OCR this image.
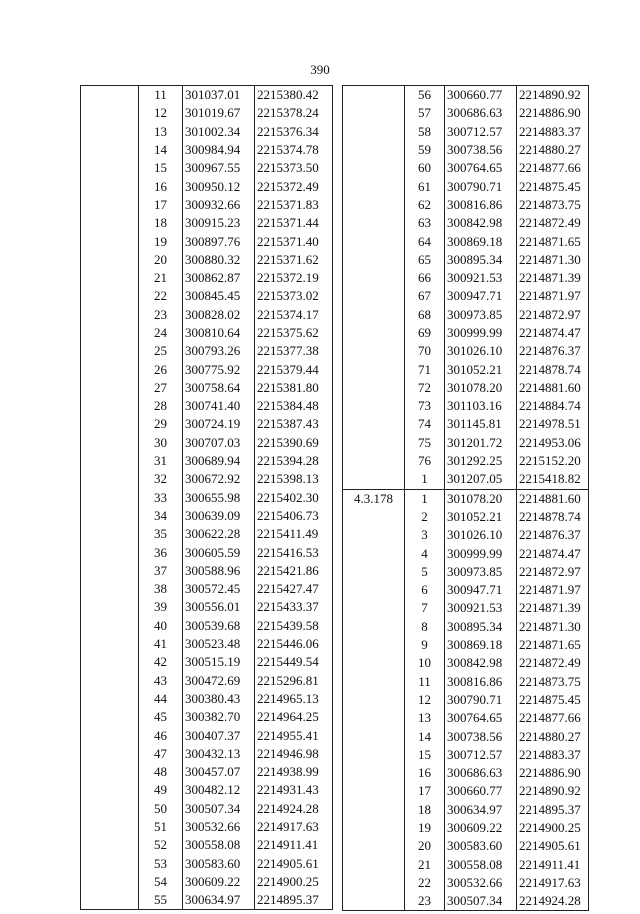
390
	11	301037.01	2215380.42
	12	301019.67	2215378.24
	13	301002.34	2215376.34
	14	300984.94	2215374.78
	15	300967.55	2215373.50
	16	300950.12	2215372.49
	17	300932.66	2215371.83
	18	300915.23	2215371.44
	19	300897.76	2215371.40
	20	300880.32	2215371.62
	21	300862.87	2215372.19
	22	300845.45	2215373.02
	23	300828.02	2215374.17
	24	300810.64	2215375.62
	25	300793.26	2215377.38
	26	300775.92	2215379.44
	27	300758.64	2215381.80
	28	300741.40	2215384.48
	29	300724.19	2215387.43
	30	300707.03	2215390.69
	31	300689.94	2215394.28
	32	300672.92	2215398.13
	33	300655.98	2215402.30
	34	300639.09	2215406.73
	35	300622.28	2215411.49
	36	300605.59	2215416.53
	37	300588.96	2215421.86
	38	300572.45	2215427.47
	39	300556.01	2215433.37
	40	300539.68	2215439.58
	41	300523.48	2215446.06
	42	300515.19	2215449.54
	43	300472.69	2215296.81
	44	300380.43	2214965.13
	45	300382.70	2214964.25
	46	300407.37	2214955.41
	47	300432.13	2214946.98
	48	300457.07	2214938.99
	49	300482.12	2214931.43
	50	300507.34	2214924.28
	51	300532.66	2214917.63
	52	300558.08	2214911.41
	53	300583.60	2214905.61
	54	300609.22	2214900.25
	55	300634.97	2214895.37
	56	300660.77	2214890.92
	57	300686.63	2214886.90
	58	300712.57	2214883.37
	59	300738.56	2214880.27
	60	300764.65	2214877.66
	61	300790.71	2214875.45
	62	300816.86	2214873.75
	63	300842.98	2214872.49
	64	300869.18	2214871.65
	65	300895.34	2214871.30
	66	300921.53	2214871.39
	67	300947.71	2214871.97
	68	300973.85	2214872.97
	69	300999.99	2214874.47
	70	301026.10	2214876.37
	71	301052.21	2214878.74
	72	301078.20	2214881.60
	73	301103.16	2214884.74
	74	301145.81	2214978.51
	75	301201.72	2214953.06
	76	301292.25	2215152.20
	1	301207.05	2215418.82
4.3.178	1	301078.20	2214881.60
	2	301052.21	2214878.74
	3	301026.10	2214876.37
	4	300999.99	2214874.47
	5	300973.85	2214872.97
	6	300947.71	2214871.97
	7	300921.53	2214871.39
	8	300895.34	2214871.30
	9	300869.18	2214871.65
	10	300842.98	2214872.49
	11	300816.86	2214873.75
	12	300790.71	2214875.45
	13	300764.65	2214877.66
	14	300738.56	2214880.27
	15	300712.57	2214883.37
	16	300686.63	2214886.90
	17	300660.77	2214890.92
	18	300634.97	2214895.37
	19	300609.22	2214900.25
	20	300583.60	2214905.61
	21	300558.08	2214911.41
	22	300532.66	2214917.63
	23	300507.34	2214924.28
